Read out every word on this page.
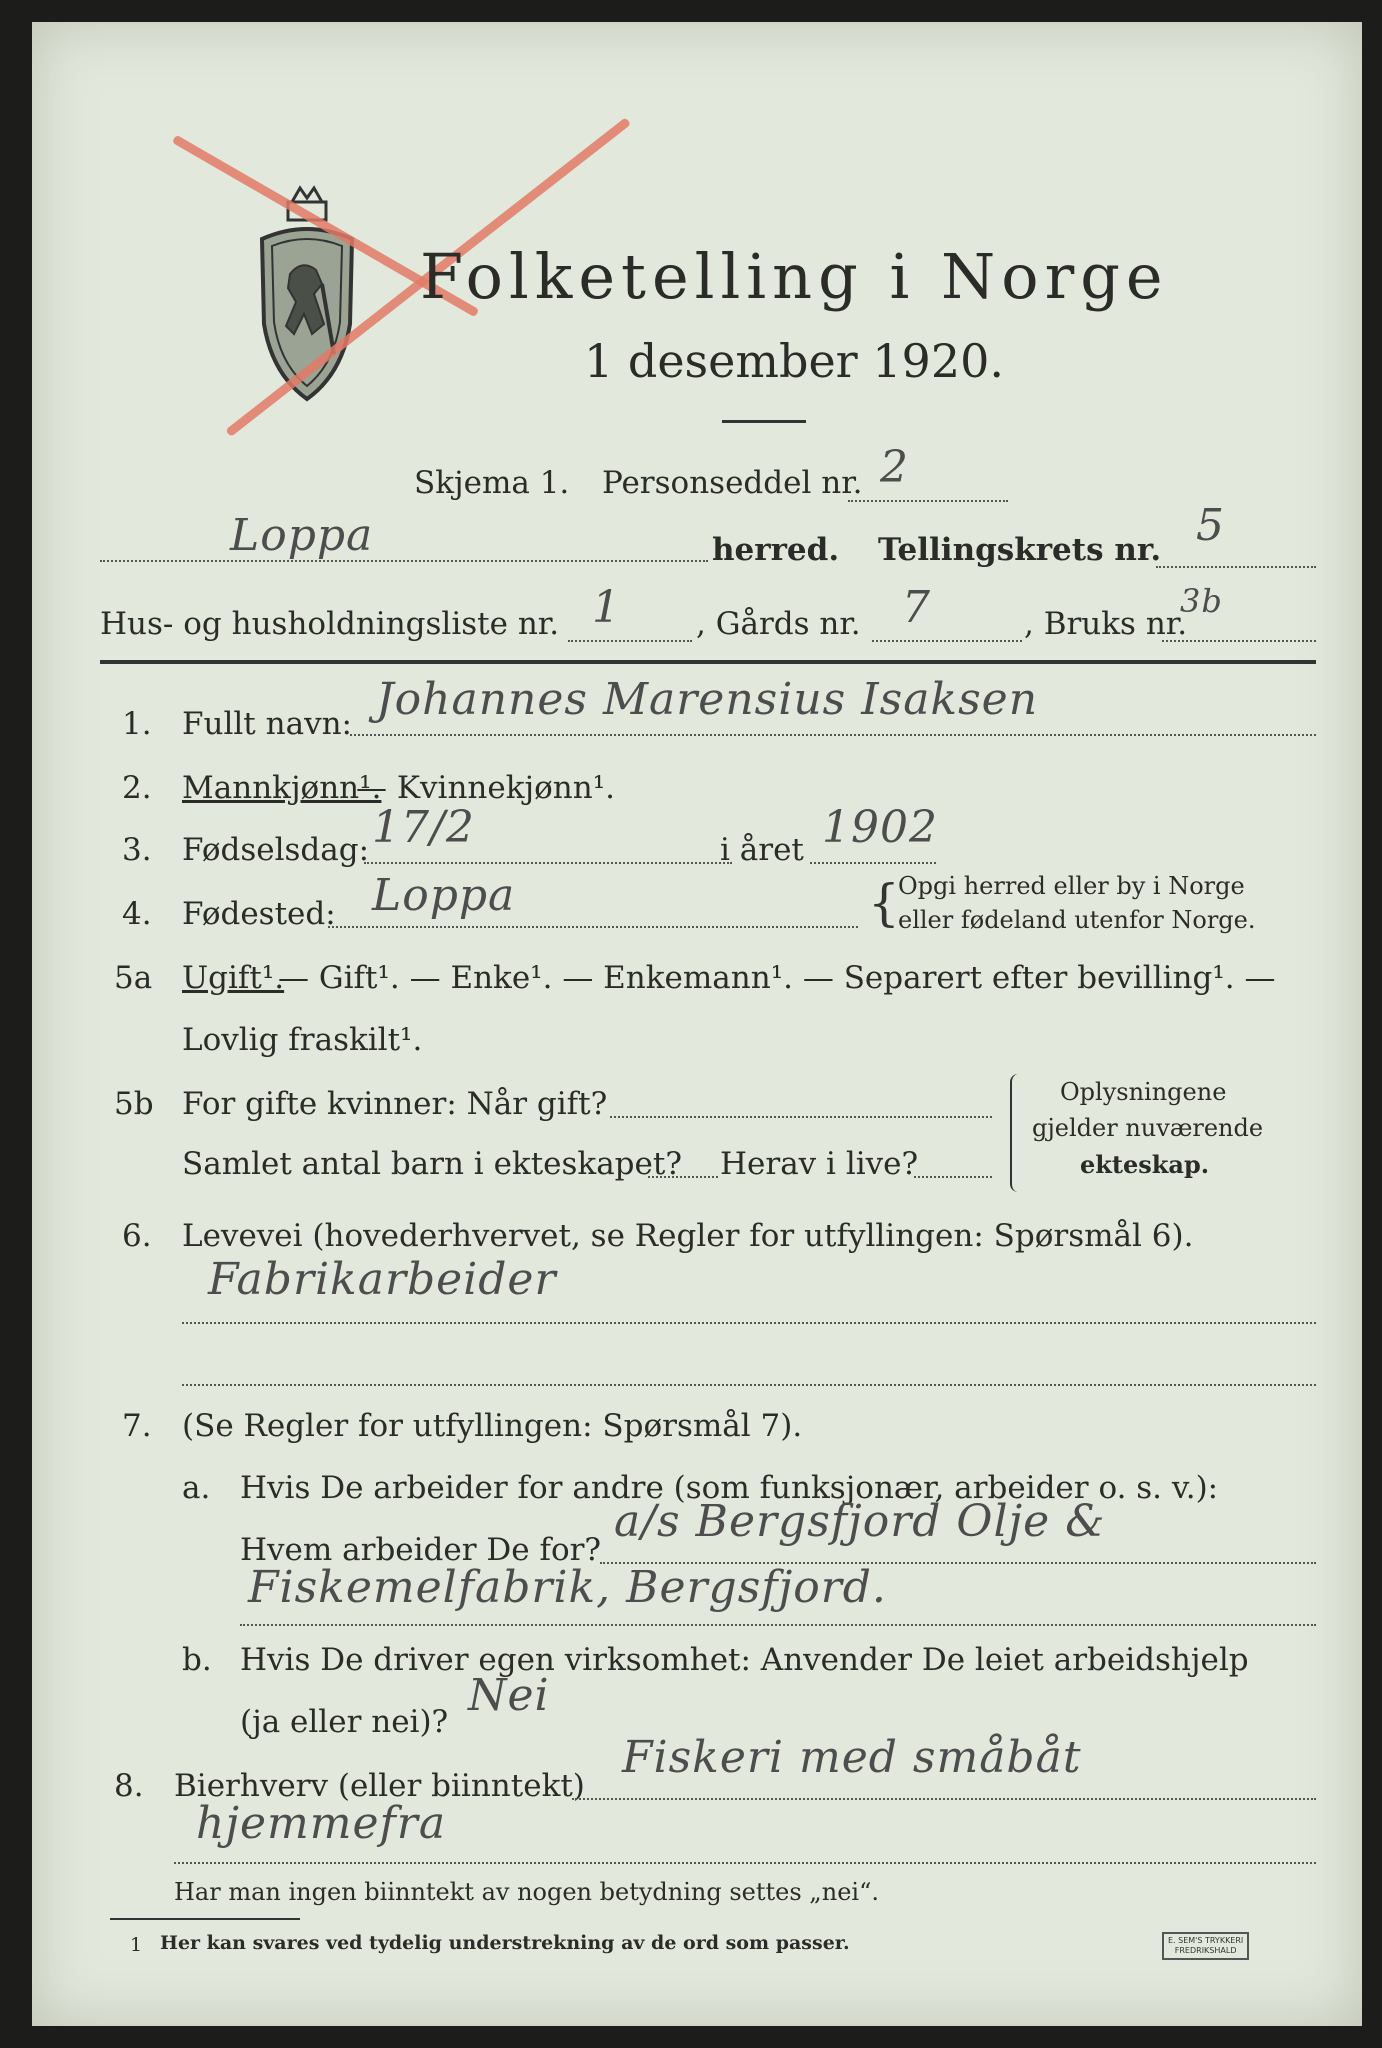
Folketelling i Norge
1 desember 1920.
Skjema 1. Personseddel nr. 2
Loppa	herred. Tellingskrets nr. 5
Hus- og husholdningsliste nr. 1 , Gårds nr. 7	, Bruks nr.
3b
1. Fullt navn: Johannes Marensius Isaksen
2. Mannkjønn¹.
— Kvinnekjønn¹.
3. Fødselsdag: 17/2	i året 1902
4. Fødested: Loppa	{
Opgi herred eller by i Norge
eller fødeland utenfor Norge.
5a Ugift¹.
— Gift¹. — Enke¹. — Enkemann¹. — Separert efter bevilling¹. —
Lovlig fraskilt¹.
5b For gifte kvinner: Når gift?
Samlet antal barn i ekteskapet? Herav i live?
Oplysningene
gjelder nuværende
ekteskap.
6. Levevei (hovederhvervet, se Regler for utfyllingen: Spørsmål 6).
Fabrikarbeider
7. (Se Regler for utfyllingen: Spørsmål 7).
a. Hvis De arbeider for andre (som funksjonær, arbeider o. s. v.):
Hvem arbeider De for?
a/s Bergsfjord Olje &
Fiskemelfabrik, Bergsfjord.
b. Hvis De driver egen virksomhet: Anvender De leiet arbeidshjelp
(ja eller nei)?
Nei
8. Bierhverv (eller biinntekt)
Fiskeri med småbåt
hjemmefra
Har man ingen biinntekt av nogen betydning settes „nei“.
1 Her kan svares ved tydelig understrekning av de ord som passer.	E. SEM'S TRYKKERI
FREDRIKSHALD
